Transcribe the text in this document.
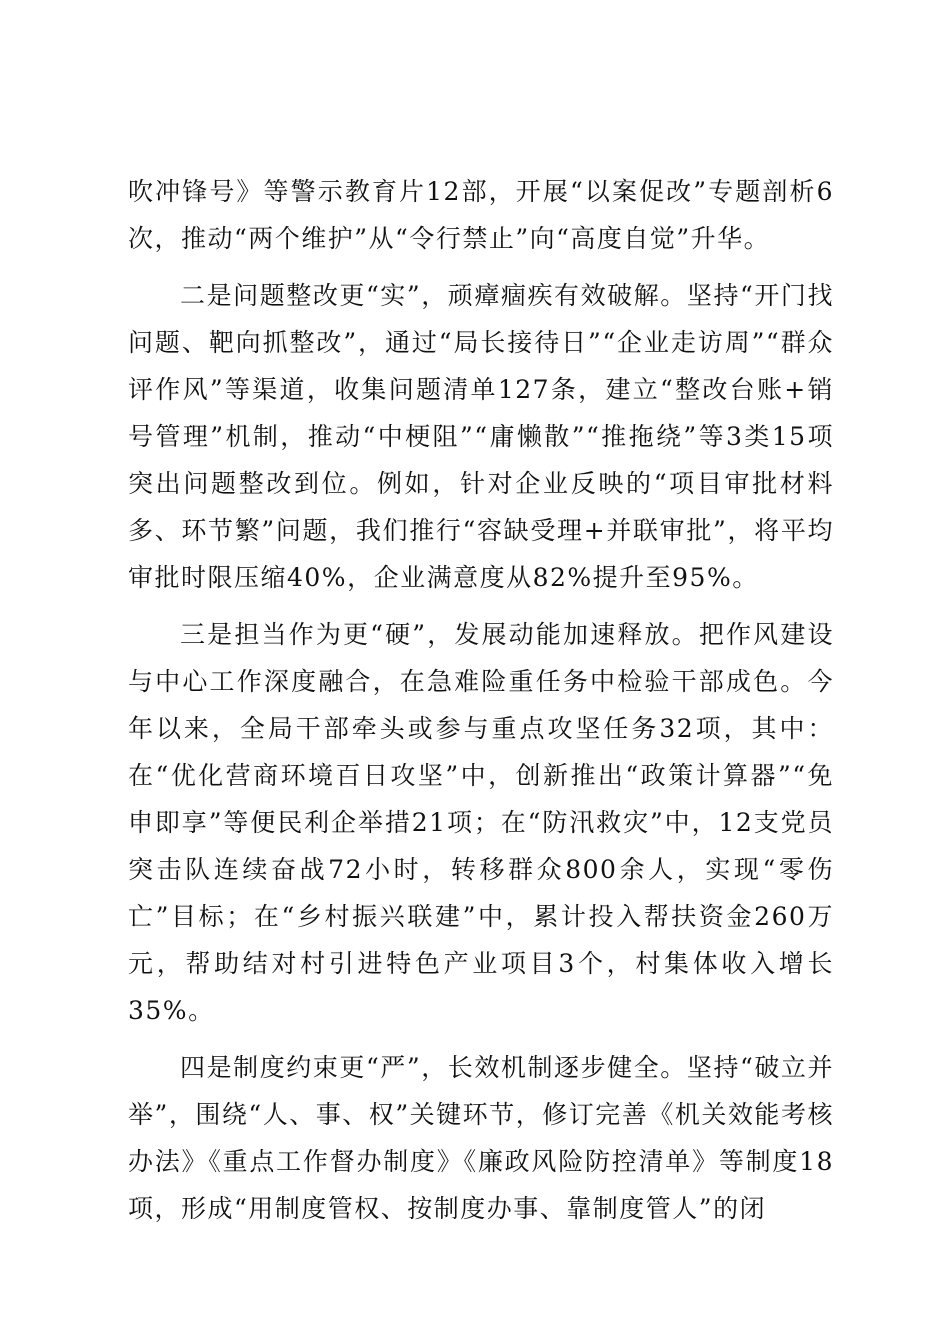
吹冲锋号》等警示教育片12部，开展“以案促改”专题剖析6次，推动“两个维护”从“令行禁止”向“高度自觉”升华。

二是问题整改更“实”，顽瘴痼疾有效破解。坚持“开门找问题、靶向抓整改”，通过“局长接待日”“企业走访周”“群众评作风”等渠道，收集问题清单127条，建立“整改台账+销号管理”机制，推动“中梗阻”“庸懒散”“推拖绕”等3类15项突出问题整改到位。例如，针对企业反映的“项目审批材料多、环节繁”问题，我们推行“容缺受理+并联审批”，将平均审批时限压缩40%，企业满意度从82%提升至95%。

三是担当作为更“硬”，发展动能加速释放。把作风建设与中心工作深度融合，在急难险重任务中检验干部成色。今年以来，全局干部牵头或参与重点攻坚任务32项，其中：在“优化营商环境百日攻坚”中，创新推出“政策计算器”“免申即享”等便民利企举措21项；在“防汛救灾”中，12支党员突击队连续奋战72小时，转移群众800余人，实现“零伤亡”目标；在“乡村振兴联建”中，累计投入帮扶资金260万元，帮助结对村引进特色产业项目3个，村集体收入增长35%。

四是制度约束更“严”，长效机制逐步健全。坚持“破立并举”，围绕“人、事、权”关键环节，修订完善《机关效能考核办法》《重点工作督办制度》《廉政风险防控清单》等制度18项，形成“用制度管权、按制度办事、靠制度管人”的闭
